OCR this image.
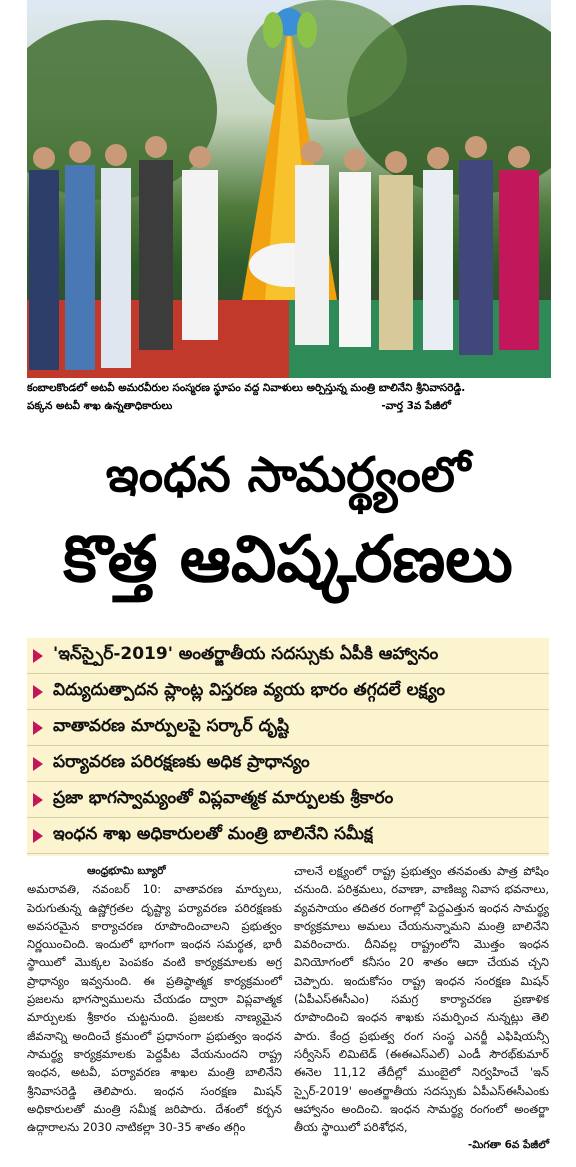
కంబాలకొండలో అటవీ అమరవీరుల సంస్మరణ స్థూపం వద్ద నివాళులు అర్పిస్తున్న మంత్రి బాలినేని శ్రీనివాసరెడ్డి.
పక్కన అటవీ శాఖ ఉన్నతాధికారులు	-వార్త 3వ పేజీలో
ఇంధన సామర్థ్యంలో
కొత్త ఆవిష్కరణలు
'ఇన్‌స్పైర్-2019' అంతర్జాతీయ సదస్సుకు ఏపీకి ఆహ్వానం
విద్యుదుత్పాదన ప్లాంట్ల విస్తరణ వ్యయ భారం తగ్గదలే లక్ష్యం
వాతావరణ మార్పులపై సర్కార్ దృష్టి
పర్యావరణ పరిరక్షణకు అధిక ప్రాధాన్యం
ప్రజా భాగస్వామ్యంతో విప్లవాత్మక మార్పులకు శ్రీకారం
ఇంధన శాఖ అధికారులతో మంత్రి బాలినేని సమీక్ష
ఆంధ్రభూమి బ్యూరో

అమరావతి, నవంబర్ 10: వాతావరణ మార్పులు, పెరుగుతున్న ఉష్ణోగ్రతల దృష్ట్యా పర్యావరణ పరిరక్షణకు అవసరమైన కార్యాచరణ రూపొందించాలని ప్రభుత్వం నిర్ణయించింది. ఇందులో భాగంగా ఇంధన సమర్థత, భారీ స్థాయిలో మొక్కల పెంపకం వంటి కార్యక్రమాలకు అగ్ర ప్రాధాన్యం ఇవ్వనుంది. ఈ ప్రతిష్ఠాత్మక కార్యక్రమంలో ప్రజలను భాగస్వాములను చేయడం ద్వారా విప్లవాత్మక మార్పులకు శ్రీకారం చుట్టనుంది. ప్రజలకు నాణ్యమైన జీవనాన్ని అందించే క్రమంలో ప్రధానంగా ప్రభుత్వం ఇంధన సామర్థ్య కార్యక్రమాలకు పెద్దపీట వేయనుందని రాష్ట్ర ఇంధన, అటవీ, పర్యావరణ శాఖల మంత్రి బాలినేని శ్రీనివాసరెడ్డి తెలిపారు. ఇంధన సంరక్షణ మిషన్ అధికారులతో మంత్రి సమీక్ష జరిపారు. దేశంలో కర్బన ఉద్గారాలను 2030 నాటికల్లా 30-35 శాతం తగ్గిం

చాలనే లక్ష్యంలో రాష్ట్ర ప్రభుత్వం తనవంతు పాత్ర పోషిం చనుంది. పరిశ్రమలు, రవాణా, వాణిజ్య నివాస భవనాలు, వ్యవసాయం తదితర రంగాల్లో పెద్దఎత్తున ఇంధన సామర్థ్య కార్యక్రమాలు అమలు చేయనున్నామని మంత్రి బాలినేని వివరించారు. దీనివల్ల రాష్ట్రంలోని మొత్తం ఇంధన వినియోగంలో కనీసం 20 శాతం ఆదా చేయవ చ్చని చెప్పారు. ఇందుకోసం రాష్ట్ర ఇంధన సంరక్షణ మిషన్ (ఏపీఎస్‌ఈసీఎం) సమగ్ర కార్యాచరణ ప్రణాళిక రూపొందించి ఇంధన శాఖకు సమర్పించ నున్నట్లు తెలి పారు. కేంద్ర ప్రభుత్వ రంగ సంస్థ ఎనర్జీ ఎఫిషియన్సీ సర్వీసెస్ లిమిటెడ్ (ఈఈఎస్‌ఎల్) ఎండీ సౌరభ్‌కుమార్ ఈనెల 11,12 తేదీల్లో ముంబైలో నిర్వహించే 'ఇన్ స్పైర్-2019' అంతర్జాతీయ సదస్సుకు ఏపీఎస్‌ఈసీఎంకు ఆహ్వానం అందించి. ఇంధన సామర్థ్య రంగంలో అంతర్జా తీయ స్థాయిలో పరిశోధన,

-మిగతా 6వ పేజీలో
